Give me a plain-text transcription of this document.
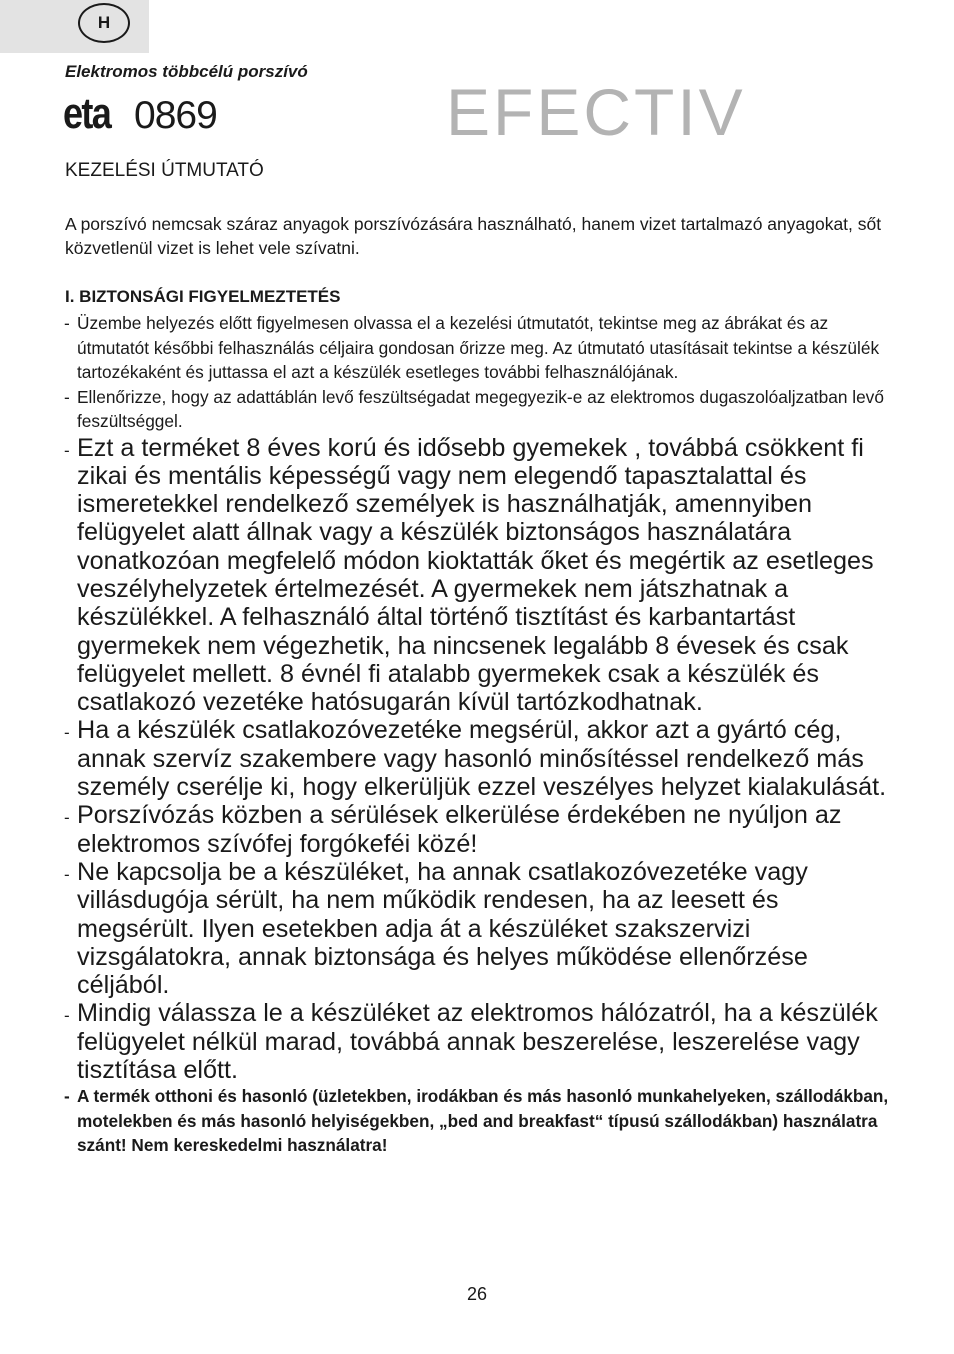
H
Elektromos többcélú porszívó
eta 0869	EFECTIV
KEZELÉSI ÚTMUTATÓ
A porszívó nemcsak száraz anyagok porszívózására használható, hanem vizet tartalmazó anyagokat, sőt közvetlenül vizet is lehet vele szívatni.
I. BIZTONSÁGI FIGYELMEZTETÉS
- Üzembe helyezés előtt figyelmesen olvassa el a kezelési útmutatót, tekintse meg az ábrákat és az útmutatót későbbi felhasználás céljaira gondosan őrizze meg. Az útmutató utasításait tekintse a készülék tartozékaként és juttassa el azt a készülék esetleges további felhasználójának.
- Ellenőrizze, hogy az adattáblán levő feszültségadat megegyezik-e az elektromos dugaszolóaljzatban levő feszültséggel.
- Ezt a terméket 8 éves korú és idősebb gyemekek , továbbá csökkent fi zikai és mentális képességű vagy nem elegendő tapasztalattal és ismeretekkel rendelkező személyek is használhatják, amennyiben felügyelet alatt állnak vagy a készülék biztonságos használatára vonatkozóan megfelelő módon kioktatták őket és megértik az esetleges veszélyhelyzetek értelmezését. A gyermekek nem játszhatnak a készülékkel. A felhasználó által történő tisztítást és karbantartást gyermekek nem végezhetik, ha nincsenek legalább 8 évesek és csak felügyelet mellett. 8 évnél fi atalabb gyermekek csak a készülék és csatlakozó vezetéke hatósugarán kívül tartózkodhatnak.
- Ha a készülék csatlakozóvezetéke megsérül, akkor azt a gyártó cég, annak szervíz szakembere vagy hasonló minősítéssel rendelkező más személy cserélje ki, hogy elkerüljük ezzel veszélyes helyzet kialakulását.
- Porszívózás közben a sérülések elkerülése érdekében ne nyúljon az elektromos szívófej forgókeféi közé!
- Ne kapcsolja be a készüléket, ha annak csatlakozóvezetéke vagy villásdugója sérült, ha nem működik rendesen, ha az leesett és megsérült. Ilyen esetekben adja át a készüléket szakszervizi vizsgálatokra, annak biztonsága és helyes működése ellenőrzése céljából.
- Mindig válassza le a készüléket az elektromos hálózatról, ha a készülék felügyelet nélkül marad, továbbá annak beszerelése, leszerelése vagy tisztítása előtt.
- A termék otthoni és hasonló (üzletekben, irodákban és más hasonló munkahelyeken, szállodákban, motelekben és más hasonló helyiségekben, „bed and breakfast“ típusú szállodákban) használatra szánt! Nem kereskedelmi használatra!
26
